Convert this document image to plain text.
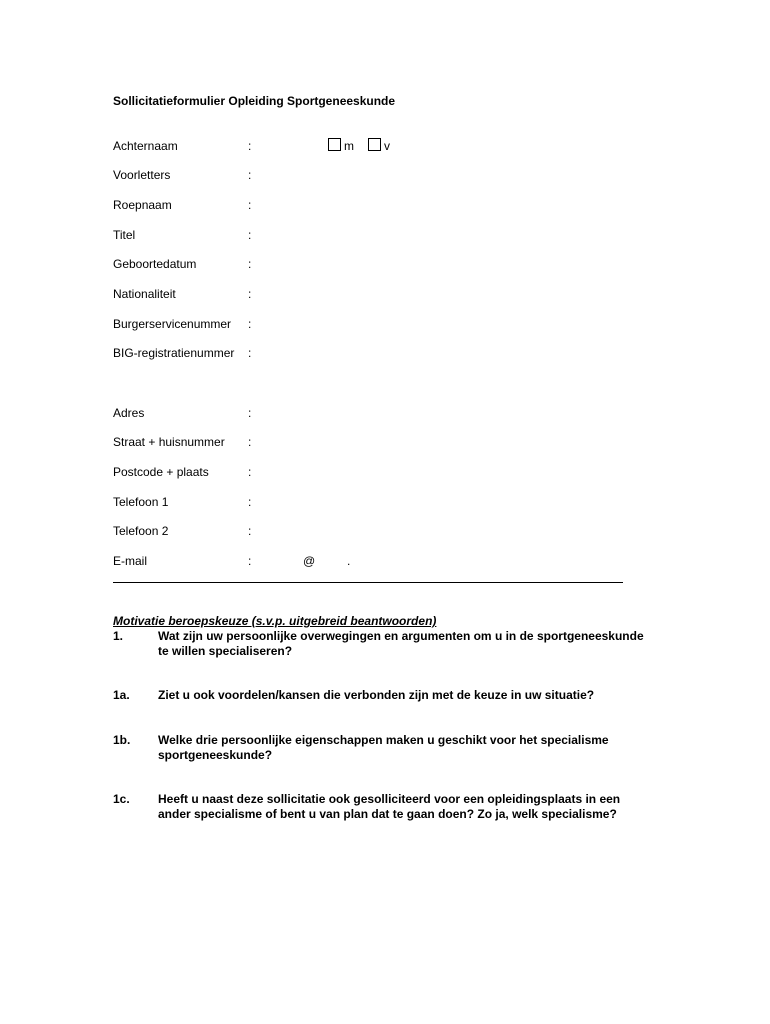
Sollicitatieformulier Opleiding Sportgeneeskunde
Achternaam	:	m	v
Voorletters	:
Roepnaam	:
Titel	:
Geboortedatum	:
Nationaliteit	:
Burgerservicenummer :
BIG-registratienummer :
Adres	:
Straat + huisnummer :
Postcode + plaats	:
Telefoon 1	:
Telefoon 2	:
E-mail	:	@	.
Motivatie beroepskeuze (s.v.p. uitgebreid beantwoorden)
1.	Wat zijn uw persoonlijke overwegingen en argumenten om u in de sportgeneeskunde te willen specialiseren?
1a. Ziet u ook voordelen/kansen die verbonden zijn met de keuze in uw situatie?
1b. Welke drie persoonlijke eigenschappen maken u geschikt voor het specialisme sportgeneeskunde?
1c. Heeft u naast deze sollicitatie ook gesolliciteerd voor een opleidingsplaats in een ander specialisme of bent u van plan dat te gaan doen? Zo ja, welk specialisme?
